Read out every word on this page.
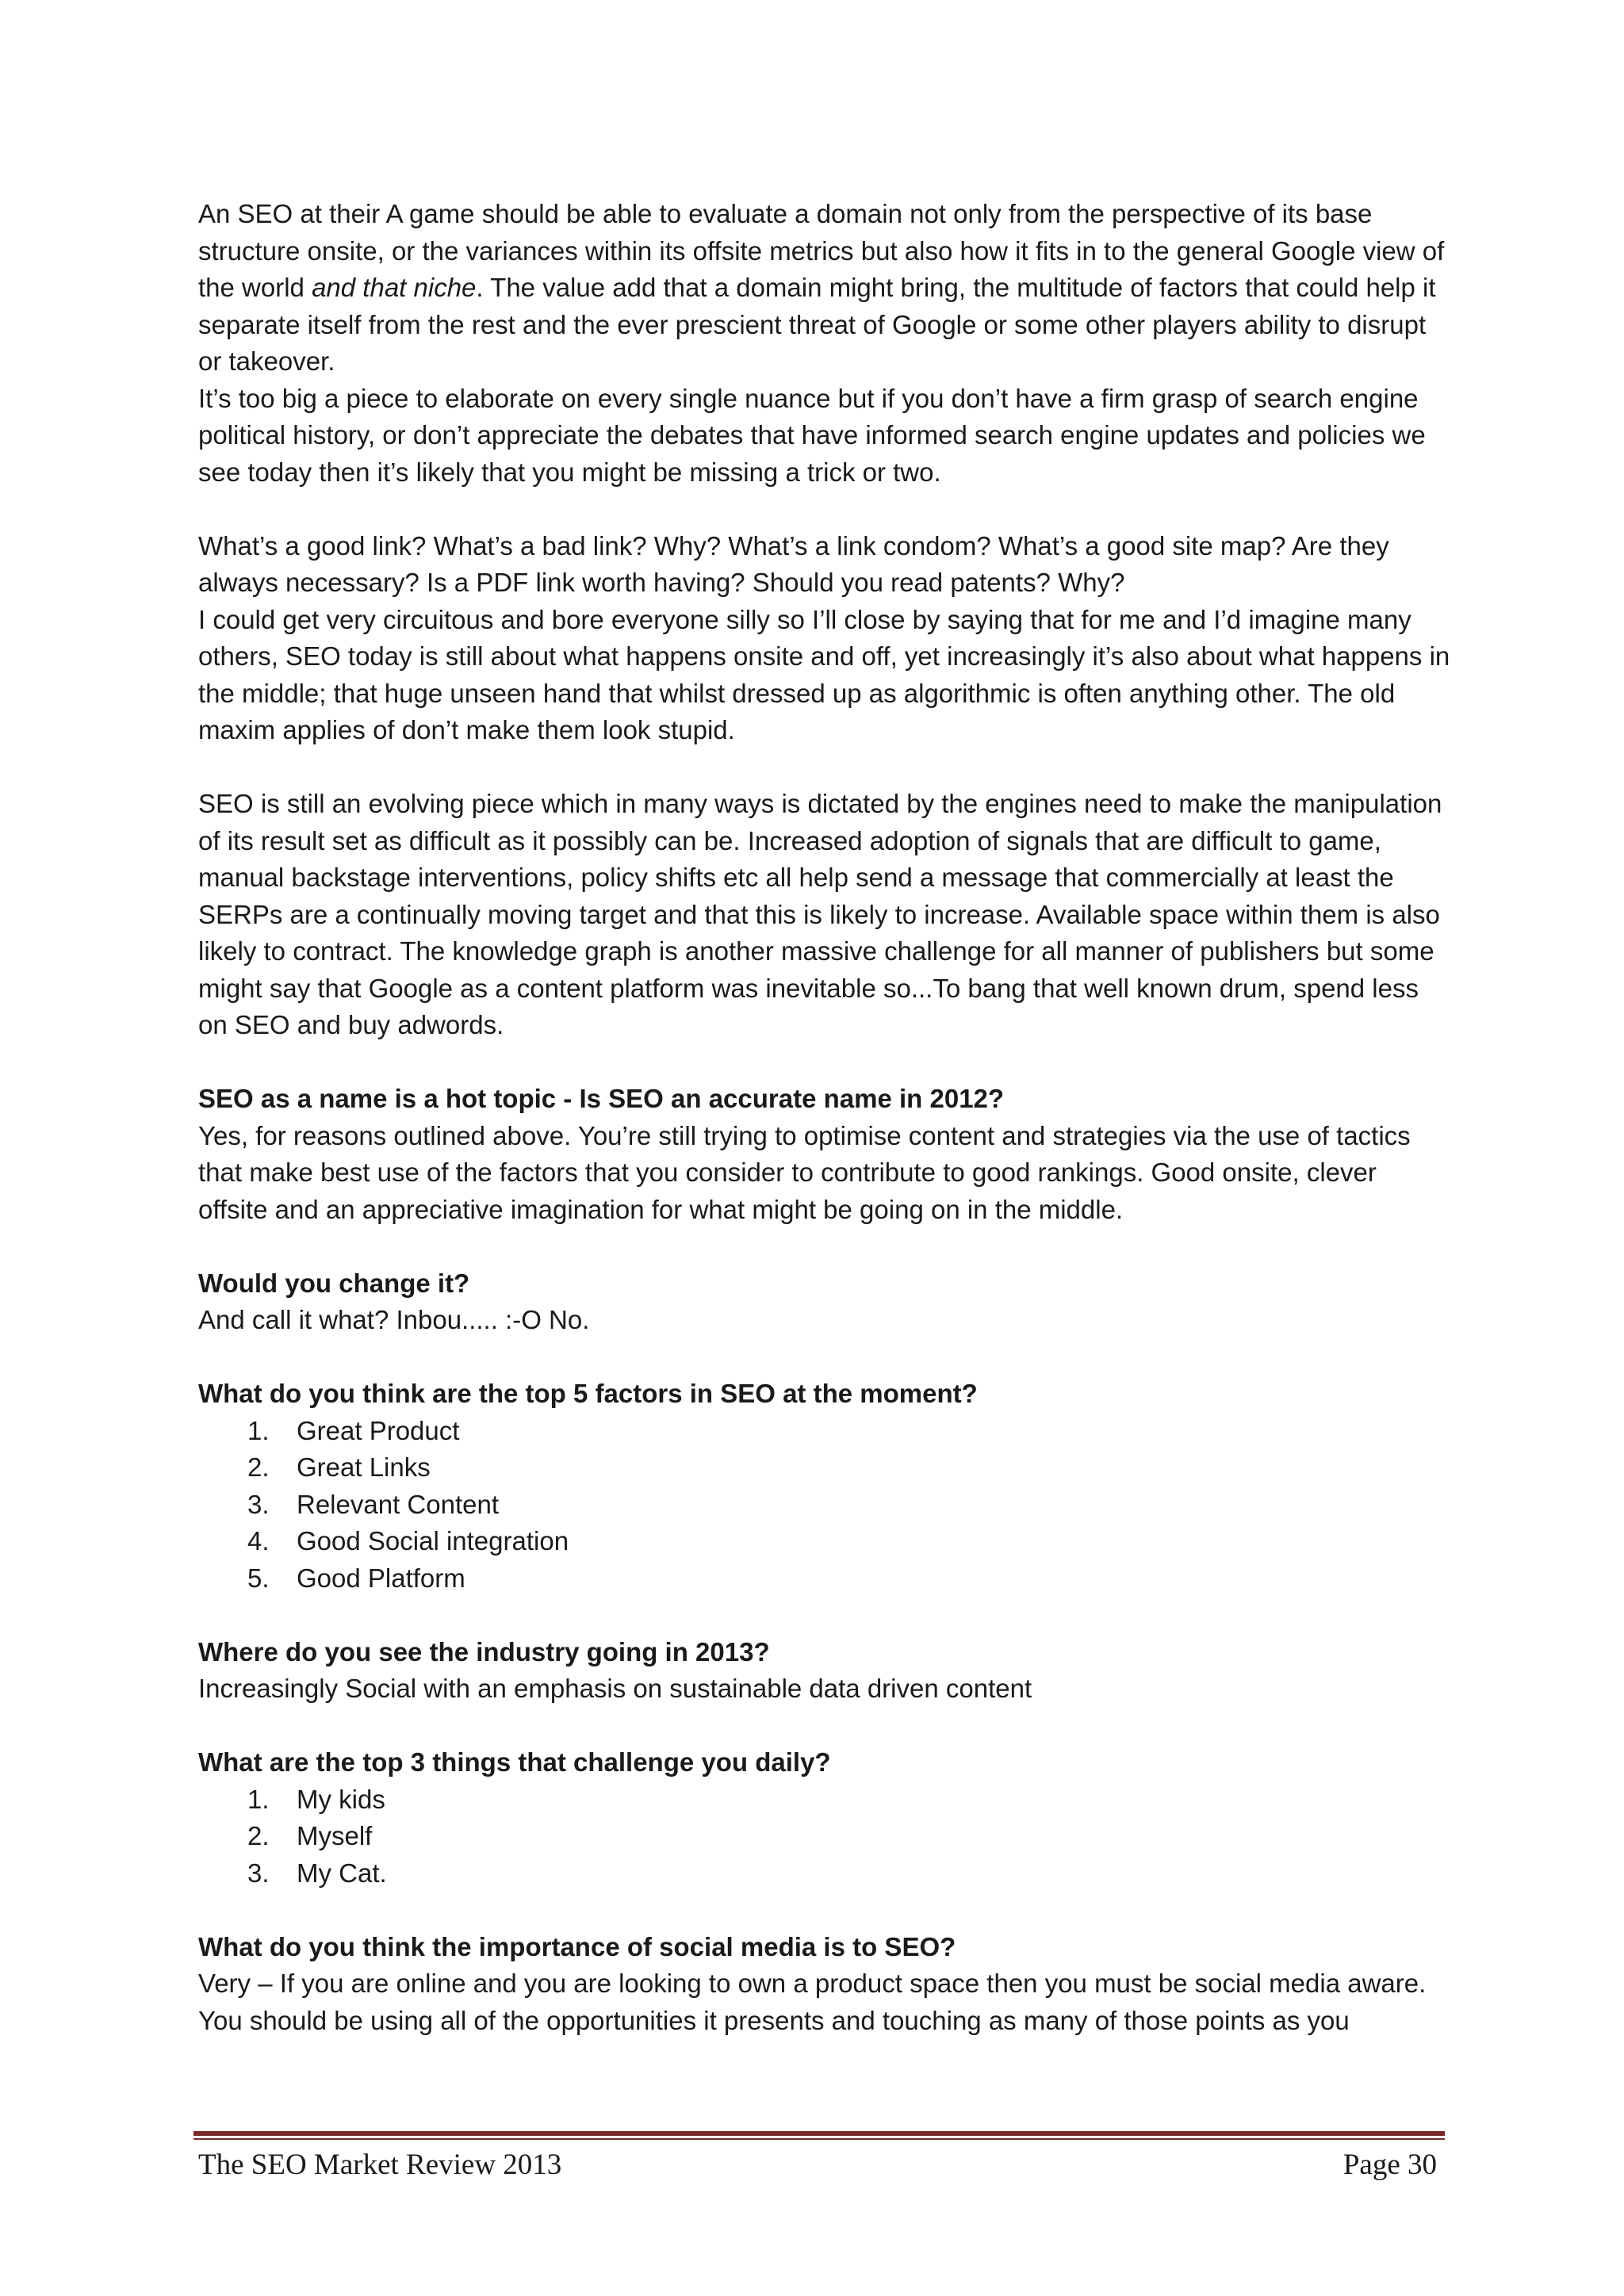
An SEO at their A game should be able to evaluate a domain not only from the perspective of its base structure onsite, or the variances within its offsite metrics but also how it fits in to the general Google view of the world and that niche. The value add that a domain might bring, the multitude of factors that could help it separate itself from the rest and the ever prescient threat of Google or some other players ability to disrupt or takeover.

It’s too big a piece to elaborate on every single nuance but if you don’t have a firm grasp of search engine political history, or don’t appreciate the debates that have informed search engine updates and policies we see today then it’s likely that you might be missing a trick or two.

What’s a good link? What’s a bad link? Why? What’s a link condom? What’s a good site map? Are they always necessary? Is a PDF link worth having? Should you read patents? Why?

I could get very circuitous and bore everyone silly so I’ll close by saying that for me and I’d imagine many others, SEO today is still about what happens onsite and off, yet increasingly it’s also about what happens in the middle; that huge unseen hand that whilst dressed up as algorithmic is often anything other. The old maxim applies of don’t make them look stupid.

SEO is still an evolving piece which in many ways is dictated by the engines need to make the manipulation of its result set as difficult as it possibly can be. Increased adoption of signals that are difficult to game, manual backstage interventions, policy shifts etc all help send a message that commercially at least the SERPs are a continually moving target and that this is likely to increase. Available space within them is also likely to contract. The knowledge graph is another massive challenge for all manner of publishers but some might say that Google as a content platform was inevitable so...To bang that well known drum, spend less on SEO and buy adwords.

SEO as a name is a hot topic - Is SEO an accurate name in 2012?

Yes, for reasons outlined above. You’re still trying to optimise content and strategies via the use of tactics that make best use of the factors that you consider to contribute to good rankings. Good onsite, clever offsite and an appreciative imagination for what might be going on in the middle.

Would you change it?

And call it what? Inbou..... :-O No.

What do you think are the top 5 factors in SEO at the moment?

1. Great Product
2. Great Links
3. Relevant Content
4. Good Social integration
5. Good Platform

Where do you see the industry going in 2013?

Increasingly Social with an emphasis on sustainable data driven content

What are the top 3 things that challenge you daily?

1. My kids
2. Myself
3. My Cat.

What do you think the importance of social media is to SEO?

Very – If you are online and you are looking to own a product space then you must be social media aware.

You should be using all of the opportunities it presents and touching as many of those points as you

The SEO Market Review 2013	Page 30
